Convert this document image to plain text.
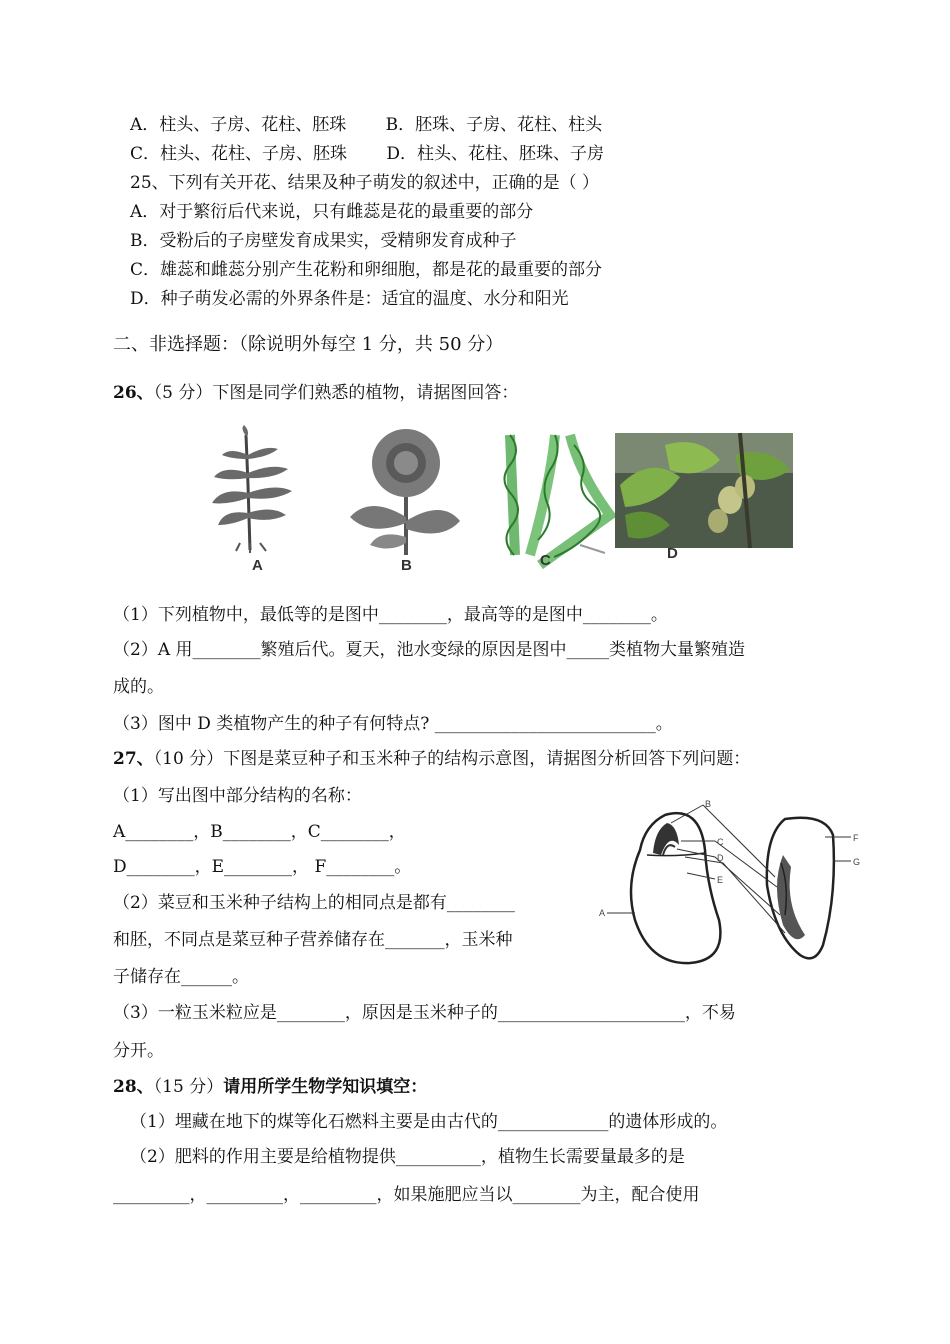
A．柱头、子房、花柱、胚珠　　 B．胚珠、子房、花柱、柱头
C．柱头、花柱、子房、胚珠　　 D．柱头、花柱、胚珠、子房
25、下列有关开花、结果及种子萌发的叙述中，正确的是（ ）
A．对于繁衍后代来说，只有雌蕊是花的最重要的部分
B．受粉后的子房壁发育成果实，受精卵发育成种子
C．雄蕊和雌蕊分别产生花粉和卵细胞，都是花的最重要的部分
D．种子萌发必需的外界条件是：适宜的温度、水分和阳光
二、非选择题：（除说明外每空 1 分，共 50 分）
26、（5 分）下图是同学们熟悉的植物，请据图回答：
A	B	C	D
（1）下列植物中，最低等的是图中________，最高等的是图中________。
（2）A 用________繁殖后代。夏天，池水变绿的原因是图中_____类植物大量繁殖造
成的。
（3）图中 D 类植物产生的种子有何特点? __________________________。
27、（10 分）下图是菜豆种子和玉米种子的结构示意图，请据图分析回答下列问题：
（1）写出图中部分结构的名称：
A________，B________，C________，
D________，E________， F________。
（2）菜豆和玉米种子结构上的相同点是都有________
和胚，不同点是菜豆种子营养储存在_______，玉米种
子储存在______。
（3）一粒玉米粒应是________，原因是玉米种子的______________________，不易
分开。
A
B
C
D
E
F
G
28、（15 分）请用所学生物学知识填空：
（1）埋藏在地下的煤等化石燃料主要是由古代的_____________的遗体形成的。
（2）肥料的作用主要是给植物提供__________，植物生长需要量最多的是
_________，_________，_________，如果施肥应当以________为主，配合使用
